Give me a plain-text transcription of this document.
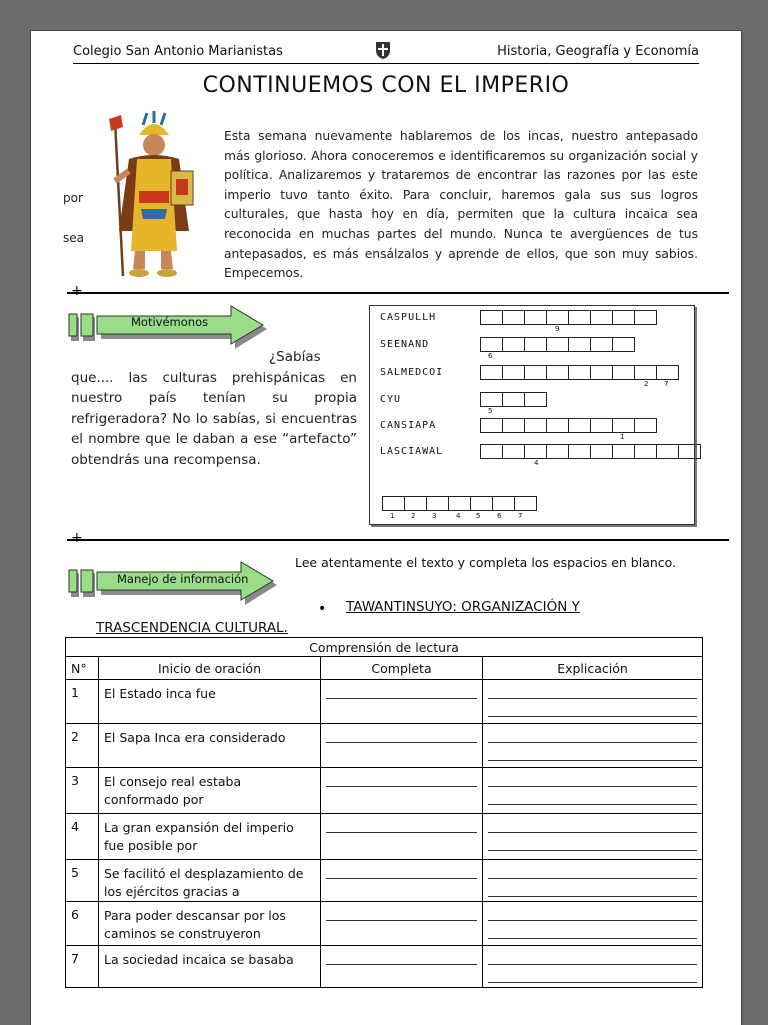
Colegio San Antonio Marianistas	Historia, Geografía y Economía
CONTINUEMOS CON EL IMPERIO
por
sea
Esta semana nuevamente hablaremos de los incas, nuestro antepasado más glorioso. Ahora conoceremos e identificaremos su organización social y política. Analizaremos y trataremos de encontrar las razones por las este imperio tuvo tanto éxito. Para concluir, haremos gala sus sus logros culturales, que hasta hoy en día, permiten que la cultura incaica sea reconocida en muchas partes del mundo. Nunca te avergüences de tus antepasados, es más ensálzalos y aprende de ellos, que son muy sabios. Empecemos.
+
Motivémonos
¿Sabías que.... las culturas prehispánicas en nuestro país tenían su propia refrigeradora? No lo sabías, si encuentras el nombre que le daban a ese “artefacto” obtendrás una recompensa.
CASPULLH
9
SEENAND
6
SALMEDCOI
2 7
CYU
5
CANSIAPA
1
LASCIAWAL
4
1 2 3	4 5 6 7
+
Manejo de información
Lee atentamente el texto y completa los espacios en blanco.
• TAWANTINSUYO: ORGANIZACIÓN Y
TRASCENDENCIA CULTURAL.
Comprensión de lectura			
N°	Inicio de oración	Completa	Explicación
1	El Estado inca fue	

2	El Sapa Inca era considerado	

3	El consejo real estaba conformado por	

4	La gran expansión del imperio fue posible por	

5	Se facilitó el desplazamiento de los ejércitos gracias a	

6	Para poder descansar por los caminos se construyeron	

7	La sociedad incaica se basaba	
